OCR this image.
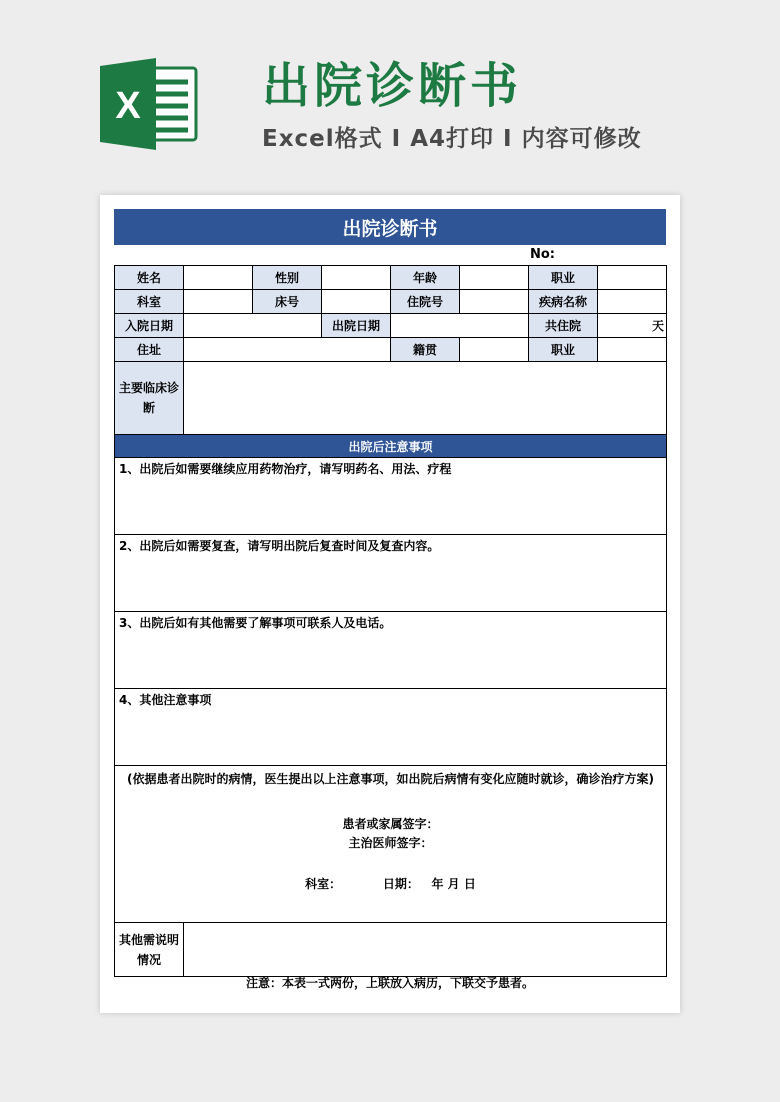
X	出院诊断书
Excel格式 I A4打印 I 内容可修改
出院诊断书
No:
姓名		性别		年龄		职业	
科室		床号		住院号		疾病名称	
入院日期			出院日期			共住院	天
住址				籍贯		职业	
主要临床诊断							
出院后注意事项							
1、出院后如需要继续应用药物治疗，请写明药名、用法、疗程							
2、出院后如需要复查，请写明出院后复查时间及复查内容。							
3、出院后如有其他需要了解事项可联系人及电话。							
4、其他注意事项							

(依据患者出院时的病情，医生提出以上注意事项，如出院后病情有变化应随时就诊，确诊治疗方案)
患者或家属签字：
主治医师签字：
科室：          日期：   年 月 日							

其他需说明情况							
注意：本表一式两份，上联放入病历，下联交予患者。
